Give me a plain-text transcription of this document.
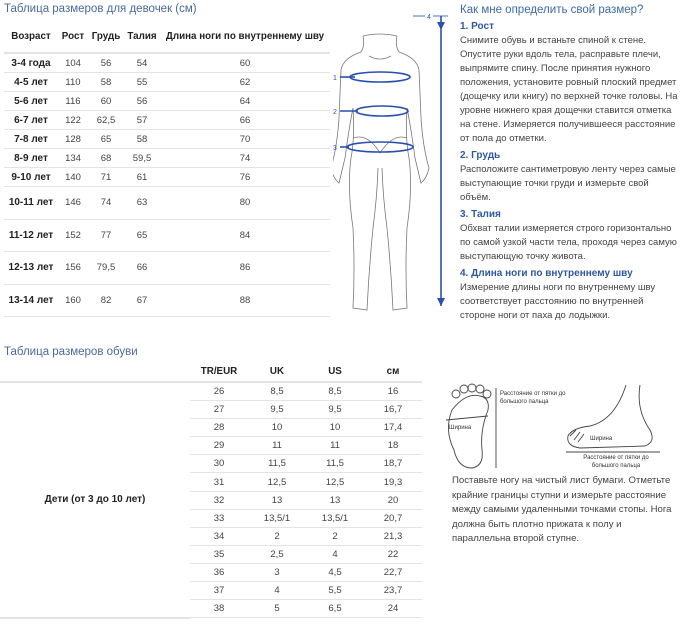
Таблица размеров для девочек (см)
Возраст	Рост	Грудь	Талия	Длина ноги по внутреннему шву
3-4 года	104	56	54	60
4-5 лет	110	58	55	62
5-6 лет	116	60	56	64
6-7 лет	122	62,5	57	66
7-8 лет	128	65	58	70
8-9 лет	134	68	59,5	74
9-10 лет	140	71	61	76
10-11 лет	146	74	63	80
11-12 лет	152	77	65	84
12-13 лет	156	79,5	66	86
13-14 лет	160	82	67	88
1
2
3
4
Как мне определить свой размер?
1. Рост

Снимите обувь и встаньте спиной к стене. Опустите руки вдоль тела, расправьте плечи, выпрямите спину. После принятия нужного положения, установите ровный плоский предмет (дощечку или книгу) по верхней точке головы. На уровне нижнего края дощечки ставится отметка на стене. Измеряется получившееся расстояние от пола до отметки.

2. Грудь

Расположите сантиметровую ленту через самые выступающие точки груди и измерьте свой объём.

3. Талия

Обхват талии измеряется строго горизонтально по самой узкой части тела, проходя через самую выступающую точку живота.

4. Длина ноги по внутреннему шву

Измерение длины ноги по внутреннему шву соответствует расстоянию по внутренней стороне ноги от паха до лодыжки.

Таблица размеров обуви
	TR/EUR	UK	US	см
Дети (от 3 до 10 лет)	26	8,5	8,5	16
	27	9,5	9,5	16,7
	28	10	10	17,4
	29	11	11	18
	30	11,5	11,5	18,7
	31	12,5	12,5	19,3
	32	13	13	20
	33	13,5/1	13,5/1	20,7
	34	2	2	21,3
	35	2,5	4	22
	36	3	4,5	22,7
	37	4	5,5	23,7
	38	5	6,5	24
Ширина
Расстояние от пятки до большого пальца
Ширина
Расстояние от пятки до большого пальца
Поставьте ногу на чистый лист бумаги. Отметьте крайние границы ступни и измерьте расстояние между самыми удаленными точками стопы. Нога должна быть плотно прижата к полу и параллельна второй ступне.
